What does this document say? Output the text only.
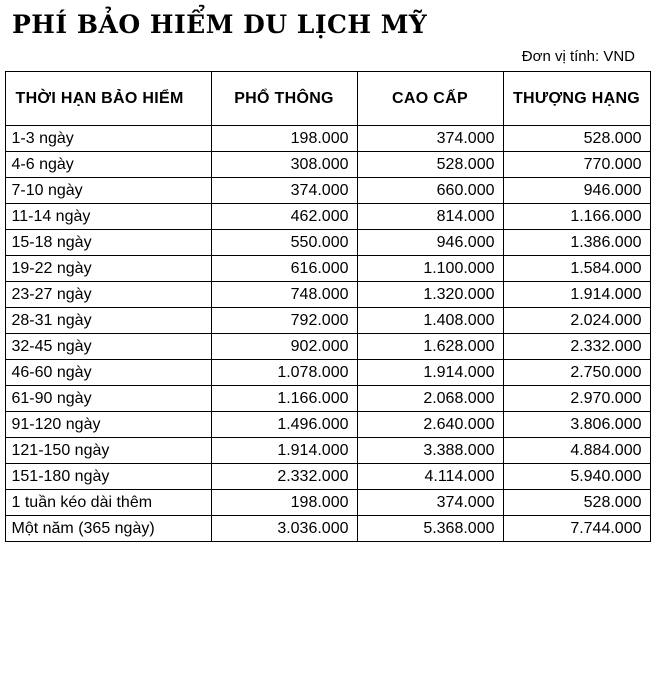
PHÍ BẢO HIỂM DU LỊCH MỸ

Đơn vị tính: VND

THỜI HẠN BẢO HIỂM	PHỔ THÔNG	CAO CẤP	THƯỢNG HẠNG
1-3 ngày	198.000	374.000	528.000
4-6 ngày	308.000	528.000	770.000
7-10 ngày	374.000	660.000	946.000
11-14 ngày	462.000	814.000	1.166.000
15-18 ngày	550.000	946.000	1.386.000
19-22 ngày	616.000	1.100.000	1.584.000
23-27 ngày	748.000	1.320.000	1.914.000
28-31 ngày	792.000	1.408.000	2.024.000
32-45 ngày	902.000	1.628.000	2.332.000
46-60 ngày	1.078.000	1.914.000	2.750.000
61-90 ngày	1.166.000	2.068.000	2.970.000
91-120 ngày	1.496.000	2.640.000	3.806.000
121-150 ngày	1.914.000	3.388.000	4.884.000
151-180 ngày	2.332.000	4.114.000	5.940.000
1 tuần kéo dài thêm	198.000	374.000	528.000
Một năm (365 ngày)	3.036.000	5.368.000	7.744.000
